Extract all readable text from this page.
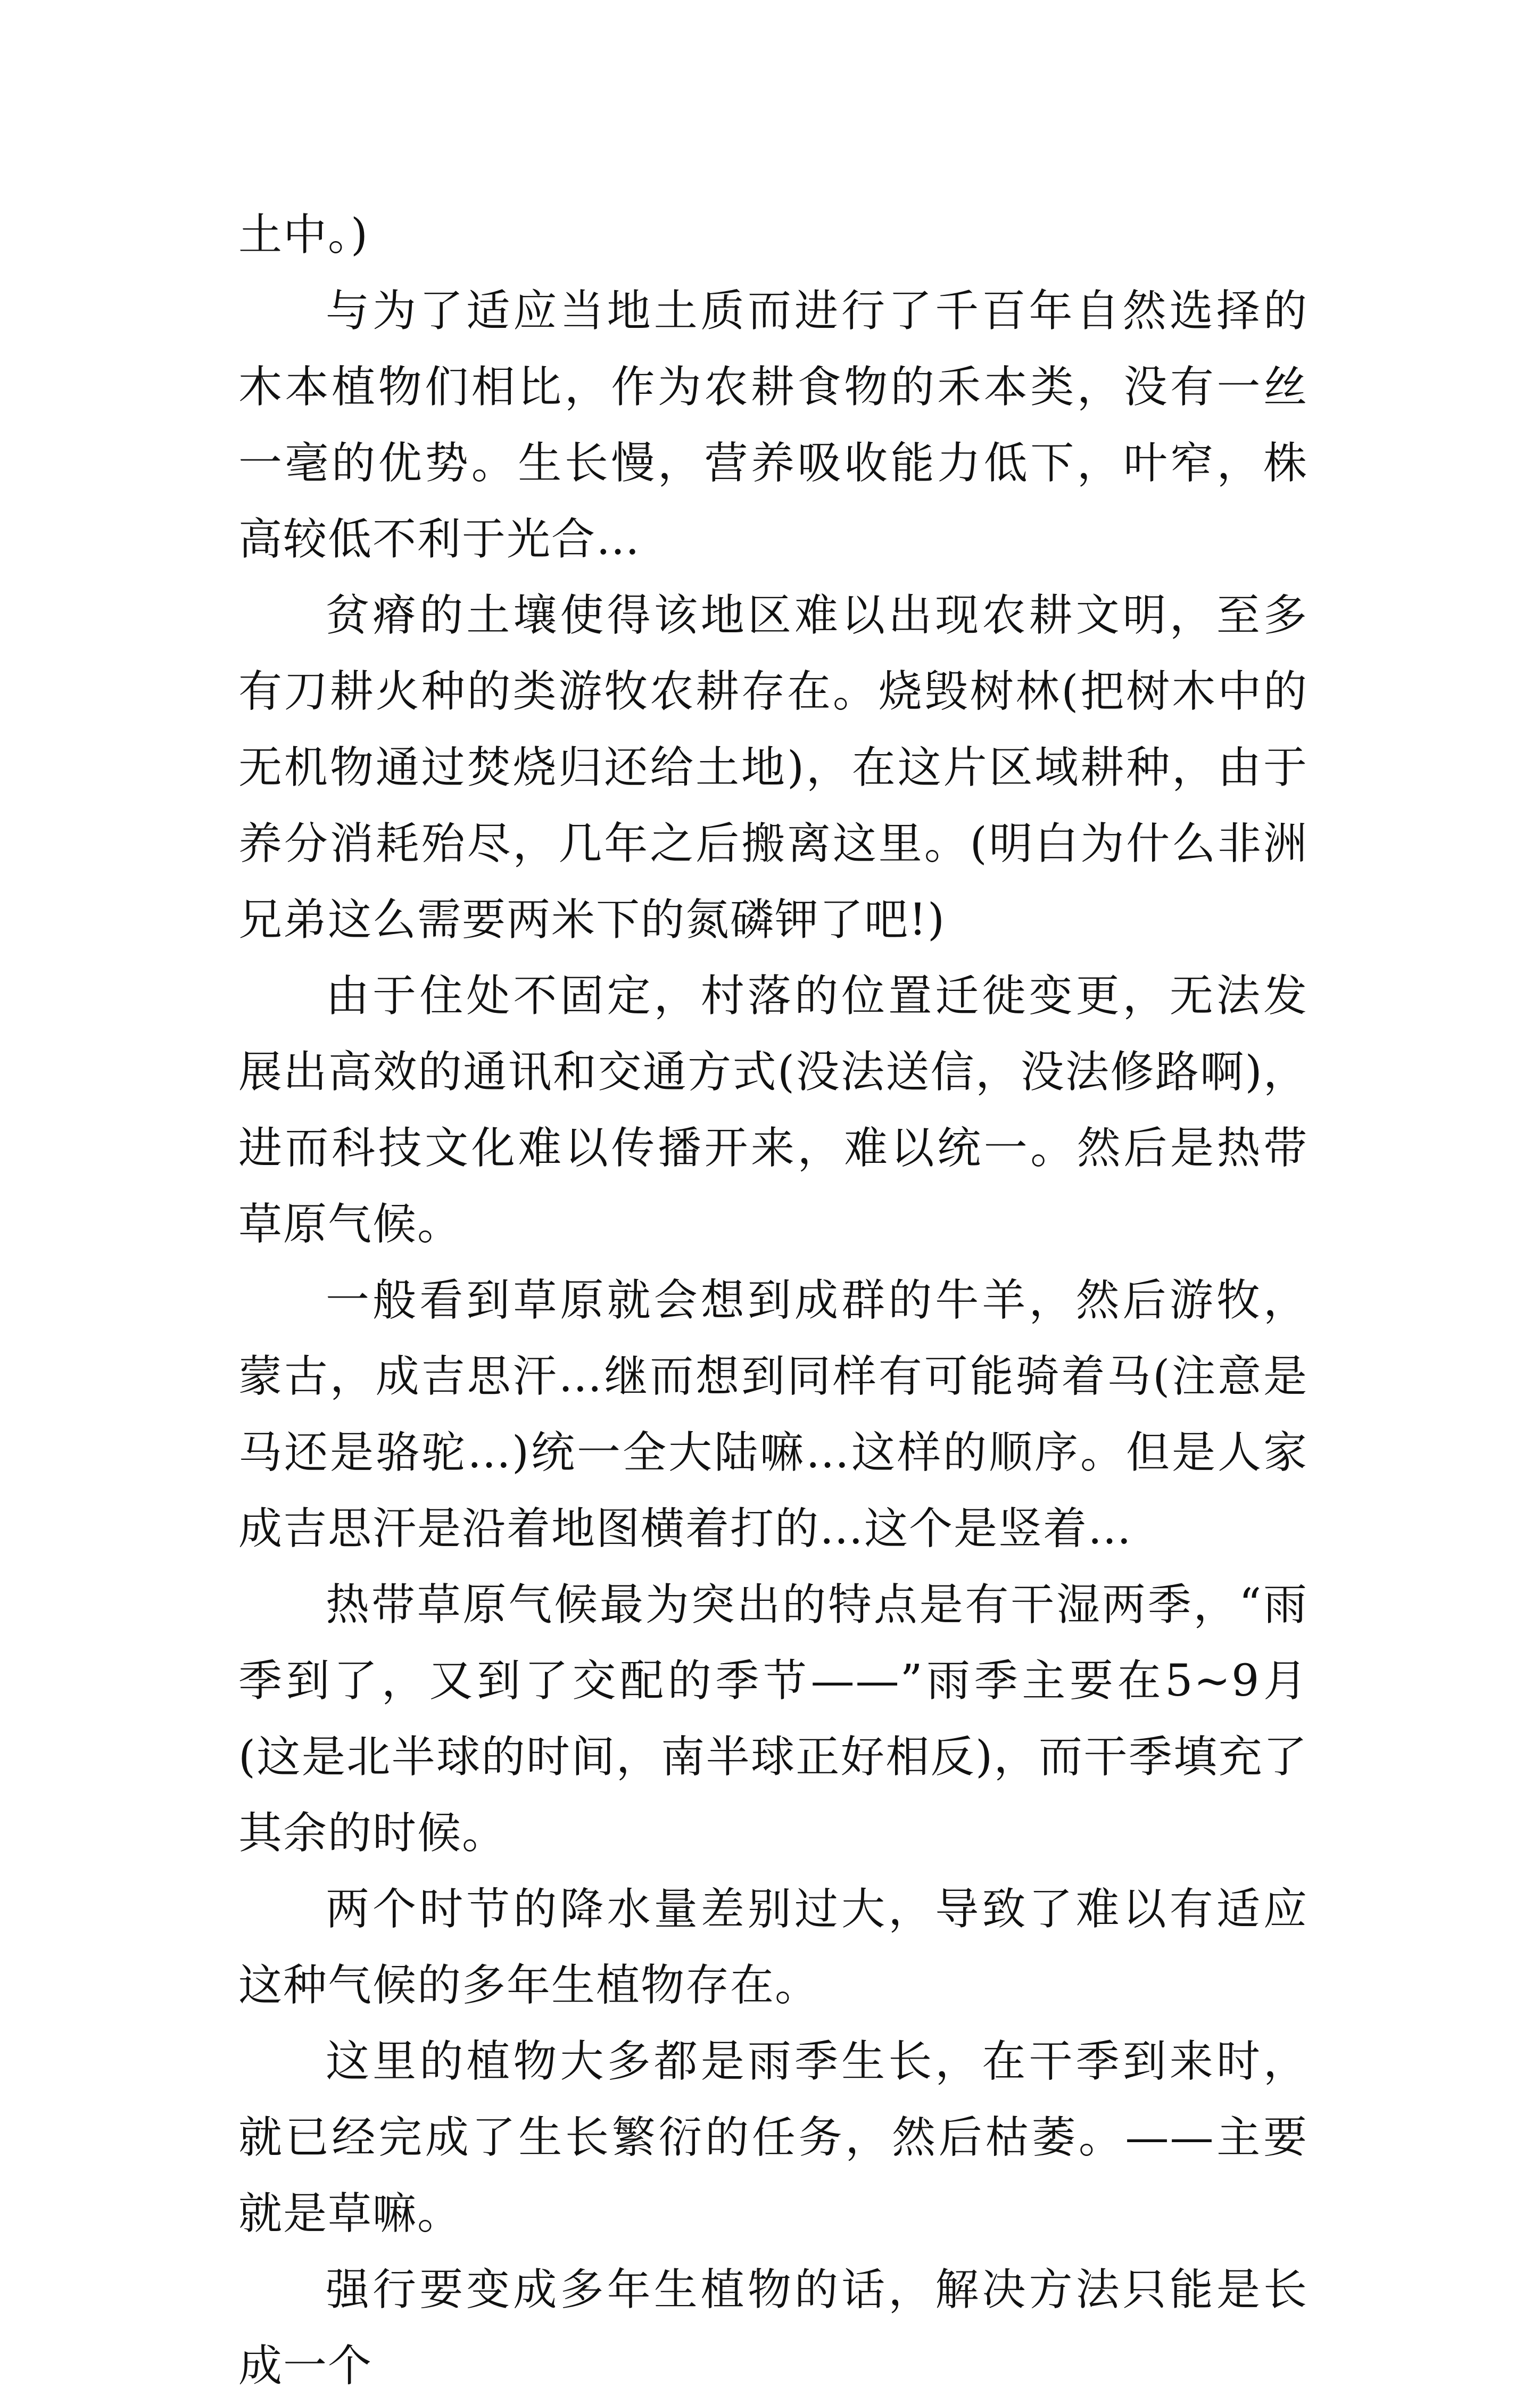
土中。)

与为了适应当地土质而进行了千百年自然选择的木本植物们相比，作为农耕食物的禾本类，没有一丝一毫的优势。生长慢，营养吸收能力低下，叶窄，株高较低不利于光合…

贫瘠的土壤使得该地区难以出现农耕文明，至多有刀耕火种的类游牧农耕存在。烧毁树林(把树木中的无机物通过焚烧归还给土地)，在这片区域耕种，由于养分消耗殆尽，几年之后搬离这里。(明白为什么非洲兄弟这么需要两米下的氮磷钾了吧!)

由于住处不固定，村落的位置迁徙变更，无法发展出高效的通讯和交通方式(没法送信，没法修路啊)，进而科技文化难以传播开来，难以统一。然后是热带草原气候。

一般看到草原就会想到成群的牛羊，然后游牧，蒙古，成吉思汗…继而想到同样有可能骑着马(注意是马还是骆驼…)统一全大陆嘛…这样的顺序。但是人家成吉思汗是沿着地图横着打的…这个是竖着…

热带草原气候最为突出的特点是有干湿两季，“雨季到了，又到了交配的季节——”雨季主要在5~9月(这是北半球的时间，南半球正好相反)，而干季填充了其余的时候。

两个时节的降水量差别过大，导致了难以有适应这种气候的多年生植物存在。

这里的植物大多都是雨季生长，在干季到来时，就已经完成了生长繁衍的任务，然后枯萎。——主要就是草嘛。

强行要变成多年生植物的话，解决方法只能是长成一个
